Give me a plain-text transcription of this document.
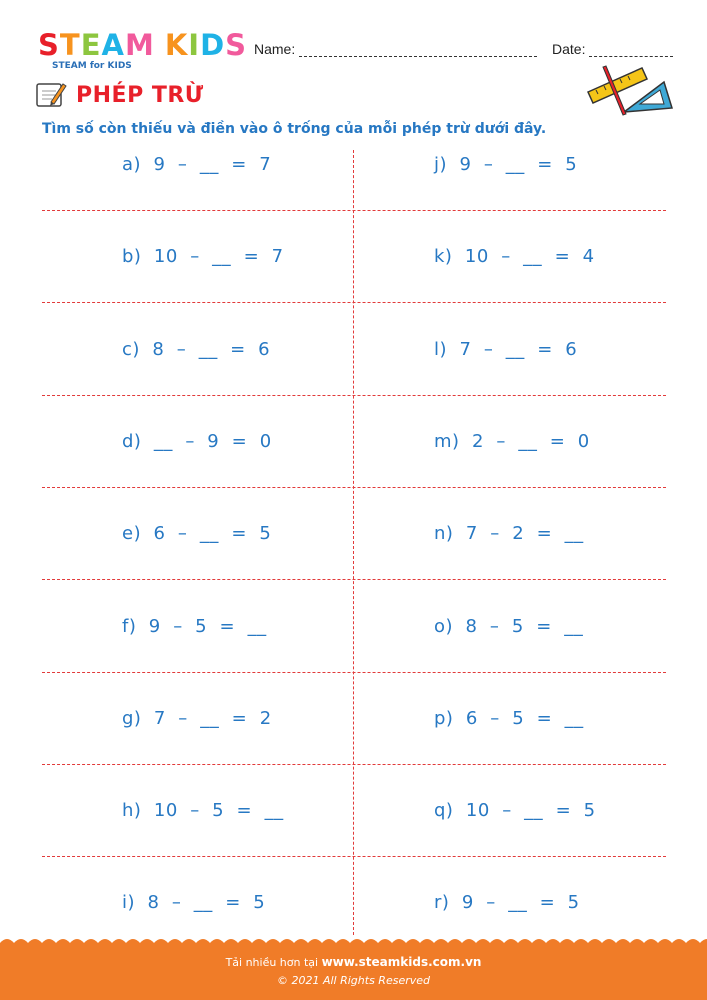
S T E A M K I D S
STEAM for KIDS
Name:	Date:
PHÉP TRỪ
Tìm số còn thiếu và điền vào ô trống của mỗi phép trừ dưới đây.
a)  9  –  __  =  7
b)  10  –  __  =  7
c)  8  –  __  =  6
d)  __  –  9  =  0
e)  6  –  __  =  5
f)  9  –  5  =  __
g)  7  –  __  =  2
h)  10  –  5  =  __
i)  8  –  __  =  5
j)  9  –  __  =  5
k)  10  –  __  =  4
l)  7  –  __  =  6
m)  2  –  __  =  0
n)  7  –  2  =  __
o)  8  –  5  =  __
p)  6  –  5  =  __
q)  10  –  __  =  5
r)  9  –  __  =  5
Tải nhiều hơn tại www.steamkids.com.vn
© 2021 All Rights Reserved
